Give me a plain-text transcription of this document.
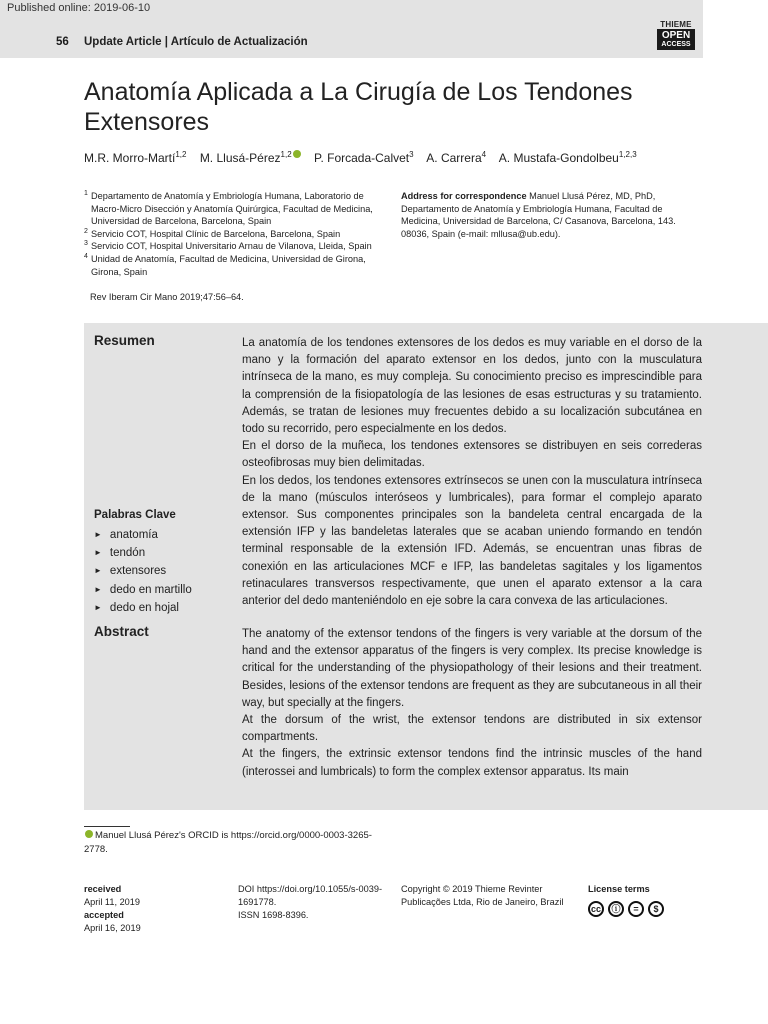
Published online: 2019-06-10
56 Update Article | Artículo de Actualización
THIEME
OPEN
ACCESS
Anatomía Aplicada a La Cirugía de Los Tendones Extensores
M.R. Morro-Martí$^{1,2}$ M. Llusá-Pérez$^{1,2}$ P. Forcada-Calvet$^3$ A. Carrera$^4$ A. Mustafa-Gondolbeu$^{1,2,3}$
1 Departamento de Anatomía y Embriología Humana, Laboratorio de Macro-Micro Disección y Anatomía Quirúrgica, Facultad de Medicina, Universidad de Barcelona, Barcelona, Spain
2 Servicio COT, Hospital Clínic de Barcelona, Barcelona, Spain
3 Servicio COT, Hospital Universitario Arnau de Vilanova, Lleida, Spain
4 Unidad de Anatomía, Facultad de Medicina, Universidad de Girona, Girona, Spain
Address for correspondence Manuel Llusá Pérez, MD, PhD, Departamento de Anatomía y Embriología Humana, Facultad de Medicina, Universidad de Barcelona, C/ Casanova, Barcelona, 143. 08036, Spain (e-mail: mllusa@ub.edu).
Rev Iberam Cir Mano 2019;47:56–64.
Resumen	La anatomía de los tendones extensores de los dedos es muy variable en el dorso de la mano y la formación del aparato extensor en los dedos, junto con la musculatura intrínseca de la mano, es muy compleja. Su conocimiento preciso es imprescindible para la comprensión de la fisiopatología de las lesiones de esas estructuras y su tratamiento. Además, se tratan de lesiones muy frecuentes debido a su localización subcutánea en todo su recorrido, pero especialmente en los dedos.

En el dorso de la muñeca, los tendones extensores se distribuyen en seis correderas osteofibrosas muy bien delimitadas.

En los dedos, los tendones extensores extrínsecos se unen con la musculatura intrínseca de la mano (músculos interóseos y lumbricales), para formar el complejo aparato extensor. Sus componentes principales son la bandeleta central encargada de la extensión IFP y las bandeletas laterales que se acaban uniendo formando en tendón terminal responsable de la extensión IFD. Además, se encuentran unas fibras de conexión en las articulaciones MCF e IFP, las bandeletas sagitales y los ligamentos retinaculares transversos respectivamente, que unen el aparato extensor a la cara anterior del dedo manteniéndolo en eje sobre la cara convexa de las articulaciones.

Palabras Clave
► anatomía
► tendón
► extensores
► dedo en martillo
► dedo en hojal
Abstract	The anatomy of the extensor tendons of the fingers is very variable at the dorsum of the hand and the extensor apparatus of the fingers is very complex. Its precise knowledge is critical for the understanding of the physiopathology of their lesions and their treatment. Besides, lesions of the extensor tendons are frequent as they are subcutaneous in all their way, but specially at the fingers.

At the dorsum of the wrist, the extensor tendons are distributed in six extensor compartments.

At the fingers, the extrinsic extensor tendons find the intrinsic muscles of the hand (interossei and lumbricals) to form the complex extensor apparatus. Its main

Manuel Llusá Pérez's ORCID is https://orcid.org/0000-0003-3265-2778.
received
April 11, 2019
accepted
April 16, 2019
DOI https://doi.org/10.1055/s-0039-1691778.
ISSN 1698-8396.
Copyright © 2019 Thieme Revinter Publicações Ltda, Rio de Janeiro, Brazil
License terms
cc	ⓘ	=	$
